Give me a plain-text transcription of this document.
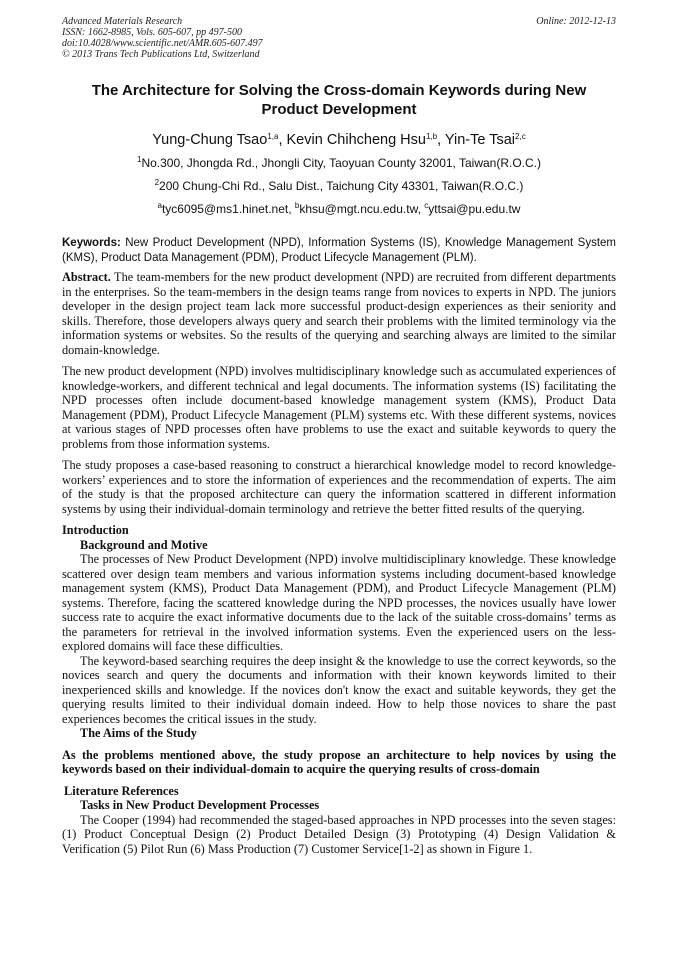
Advanced Materials Research
ISSN: 1662-8985, Vols. 605-607, pp 497-500
doi:10.4028/www.scientific.net/AMR.605-607.497
© 2013 Trans Tech Publications Ltd, Switzerland
Online: 2012-12-13
The Architecture for Solving the Cross-domain Keywords during New Product Development
Yung-Chung Tsao$^{1,a}$, Kevin Chihcheng Hsu$^{1,b}$, Yin-Te Tsai$^{2,c}$
$^1$No.300, Jhongda Rd., Jhongli City, Taoyuan County 32001, Taiwan(R.O.C.)
$^2$200 Chung-Chi Rd., Salu Dist., Taichung City 43301, Taiwan(R.O.C.)
$^a$tyc6095@ms1.hinet.net, $^b$khsu@mgt.ncu.edu.tw, $^c$yttsai@pu.edu.tw
Keywords: New Product Development (NPD), Information Systems (IS), Knowledge Management System (KMS), Product Data Management (PDM), Product Lifecycle Management (PLM).

Abstract. The team-members for the new product development (NPD) are recruited from different departments in the enterprises. So the team-members in the design teams range from novices to experts in NPD. The juniors developer in the design project team lack more successful product-design experiences as their seniority and skills. Therefore, those developers always query and search their problems with the limited terminology via the information systems or websites. So the results of the querying and searching always are limited to the similar domain-knowledge.

The new product development (NPD) involves multidisciplinary knowledge such as accumulated experiences of knowledge-workers, and different technical and legal documents. The information systems (IS) facilitating the NPD processes often include document-based knowledge management system (KMS), Product Data Management (PDM), Product Lifecycle Management (PLM) systems etc. With these different systems, novices at various stages of NPD processes often have problems to use the exact and suitable keywords to query the problems from those information systems.

The study proposes a case-based reasoning to construct a hierarchical knowledge model to record knowledge-workers’ experiences and to store the information of experiences and the recommendation of experts. The aim of the study is that the proposed architecture can query the information scattered in different information systems by using their individual-domain terminology and retrieve the better fitted results of the querying.

Introduction

Background and Motive

The processes of New Product Development (NPD) involve multidisciplinary knowledge. These knowledge scattered over design team members and various information systems including document-based knowledge management system (KMS), Product Data Management (PDM), and Product Lifecycle Management (PLM) systems. Therefore, facing the scattered knowledge during the NPD processes, the novices usually have lower success rate to acquire the exact informative documents due to the lack of the suitable cross-domains’ terms as the parameters for retrieval in the involved information systems. Even the experienced users on the less-explored domains will face these difficulties.

The keyword-based searching requires the deep insight & the knowledge to use the correct keywords, so the novices search and query the documents and information with their known keywords limited to their inexperienced skills and knowledge. If the novices don't know the exact and suitable keywords, they get the querying results limited to their individual domain indeed. How to help those novices to share the past experiences becomes the critical issues in the study.

The Aims of the Study

As the problems mentioned above, the study propose an architecture to help novices by using the keywords based on their individual-domain to acquire the querying results of cross-domain

Literature References

Tasks in New Product Development Processes

The Cooper (1994) had recommended the staged-based approaches in NPD processes into the seven stages: (1) Product Conceptual Design (2) Product Detailed Design (3) Prototyping (4) Design Validation & Verification (5) Pilot Run (6) Mass Production (7) Customer Service[1-2] as shown in Figure 1.
